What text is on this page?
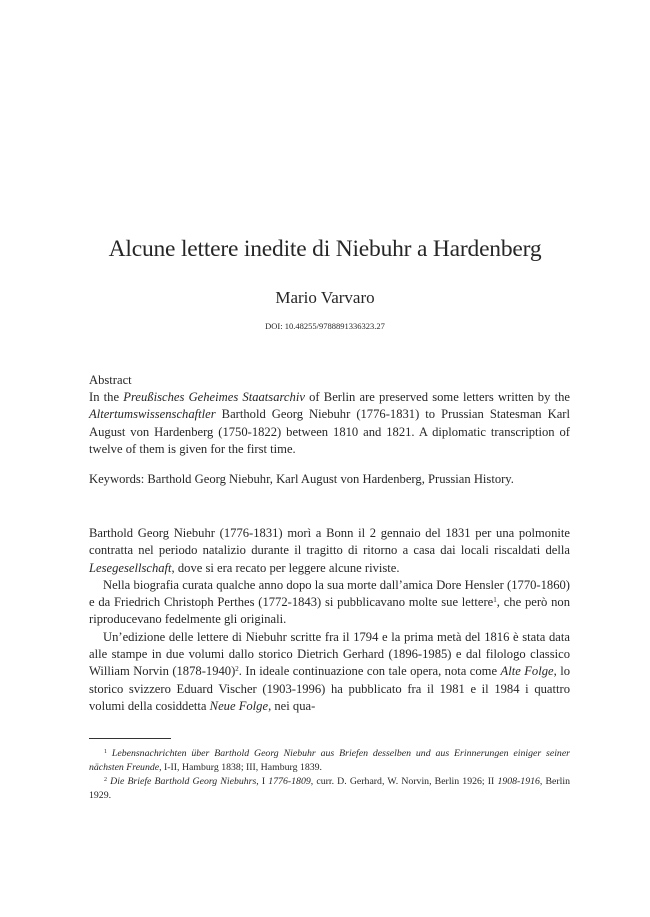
Alcune lettere inedite di Niebuhr a Hardenberg
Mario Varvaro
DOI: 10.48255/9788891336323.27
Abstract
In the Preußisches Geheimes Staatsarchiv of Berlin are preserved some letters written by the Altertumswissenschaftler Barthold Georg Niebuhr (1776-1831) to Prussian Statesman Karl August von Hardenberg (1750-1822) between 1810 and 1821. A diplomatic transcription of twelve of them is given for the first time.
Keywords: Barthold Georg Niebuhr, Karl August von Hardenberg, Prussian History.

Barthold Georg Niebuhr (1776-1831) morì a Bonn il 2 gennaio del 1831 per una polmonite contratta nel periodo natalizio durante il tragitto di ritorno a casa dai locali riscaldati della Lesegesellschaft, dove si era recato per leggere alcune riviste.

Nella biografia curata qualche anno dopo la sua morte dall’amica Dore Hensler (1770-1860) e da Friedrich Christoph Perthes (1772-1843) si pubblicavano molte sue lettere$^1$, che però non riproducevano fedelmente gli originali.

Un’edizione delle lettere di Niebuhr scritte fra il 1794 e la prima metà del 1816 è stata data alle stampe in due volumi dallo storico Dietrich Gerhard (1896-1985) e dal filologo classico William Norvin (1878-1940)$^2$. In ideale continuazione con tale opera, nota come Alte Folge, lo storico svizzero Eduard Vischer (1903-1996) ha pubblicato fra il 1981 e il 1984 i quattro volumi della cosiddetta Neue Folge, nei qua-

$^1$ Lebensnachrichten über Barthold Georg Niebuhr aus Briefen desselben und aus Erinnerungen einiger seiner nächsten Freunde, I-II, Hamburg 1838; III, Hamburg 1839.

$^2$ Die Briefe Barthold Georg Niebuhrs, I 1776-1809, curr. D. Gerhard, W. Norvin, Berlin 1926; II 1908-1916, Berlin 1929.
